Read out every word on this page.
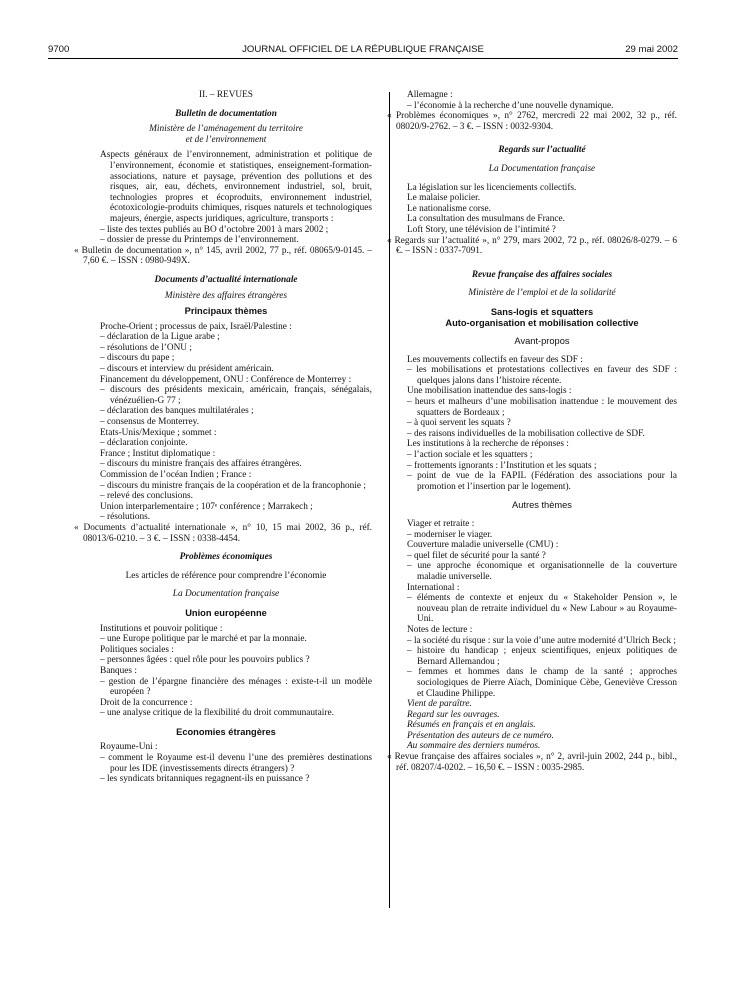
9700	JOURNAL OFFICIEL DE LA RÉPUBLIQUE FRANÇAISE	29 mai 2002

II. – REVUES

Bulletin de documentation

Ministère de l’aménagement du territoire

et de l’environnement

Aspects généraux de l’environnement, administration et politique de l’environnement, économie et statistiques, enseignement-formation-associations, nature et paysage, prévention des pollutions et des risques, air, eau, déchets, environnement industriel, sol, bruit, technologies propres et écoproduits, environnement industriel, écotoxicologie-produits chimiques, risques naturels et technologiques majeurs, énergie, aspects juridiques, agriculture, transports :

– liste des textes publiés au BO d’octobre 2001 à mars 2002 ;

– dossier de presse du Printemps de l’environnement.

« Bulletin de documentation », n° 145, avril 2002, 77 p., réf. 08065/9-0145. – 7,60 €. – ISSN : 0980-949X.

Documents d’actualité internationale

Ministère des affaires étrangères

Principaux thèmes

Proche-Orient ; processus de paix, Israël/Palestine :

– déclaration de la Ligue arabe ;

– résolutions de l’ONU ;

– discours du pape ;

– discours et interview du président américain.

Financement du développement, ONU : Conférence de Monterrey :

– discours des présidents mexicain, américain, français, sénégalais, vénézuélien-G 77 ;

– déclaration des banques multilatérales ;

– consensus de Monterrey.

Etats-Unis/Mexique ; sommet :

– déclaration conjointe.

France ; Institut diplomatique :

– discours du ministre français des affaires étrangères.

Commission de l’océan Indien ; France :

– discours du ministre français de la coopération et de la francophonie ;

– relevé des conclusions.

Union interparlementaire ; 107ᵉ conférence ; Marrakech ;

– résolutions.

« Documents d’actualité internationale », n° 10, 15 mai 2002, 36 p., réf. 08013/6-0210. – 3 €. – ISSN : 0338-4454.

Problèmes économiques

Les articles de référence pour comprendre l’économie

La Documentation française

Union européenne

Institutions et pouvoir politique :

– une Europe politique par le marché et par la monnaie.

Politiques sociales :

– personnes âgées : quel rôle pour les pouvoirs publics ?

Banques :

– gestion de l’épargne financière des ménages : existe-t-il un modèle européen ?

Droit de la concurrence :

– une analyse critique de la flexibilité du droit communautaire.

Economies étrangères

Royaume-Uni :

– comment le Royaume est-il devenu l’une des premières destinations pour les IDE (investissements directs étrangers) ?

– les syndicats britanniques regagnent-ils en puissance ?

Allemagne :

– l’économie à la recherche d’une nouvelle dynamique.

« Problèmes économiques », n° 2762, mercredi 22 mai 2002, 32 p., réf. 08020/9-2762. – 3 €. – ISSN : 0032-9304.

Regards sur l’actualité

La Documentation française

La législation sur les licenciements collectifs.

Le malaise policier.

Le nationalisme corse.

La consultation des musulmans de France.

Loft Story, une télévision de l’intimité ?

« Regards sur l’actualité », n° 279, mars 2002, 72 p., réf. 08026/8-0279. – 6 €. – ISSN : 0337-7091.

Revue française des affaires sociales

Ministère de l’emploi et de la solidarité

Sans-logis et squatters

Auto-organisation et mobilisation collective

Avant-propos

Les mouvements collectifs en faveur des SDF :

– les mobilisations et protestations collectives en faveur des SDF : quelques jalons dans l’histoire récente.

Une mobilisation inattendue des sans-logis :

– heurs et malheurs d’une mobilisation inattendue : le mouvement des squatters de Bordeaux ;

– à quoi servent les squats ?

– des raisons individuelles de la mobilisation collective de SDF.

Les institutions à la recherche de réponses :

– l’action sociale et les squatters ;

– frottements ignorants : l’Institution et les squats ;

– point de vue de la FAPIL (Fédération des associations pour la promotion et l’insertion par le logement).

Autres thèmes

Viager et retraite :

– moderniser le viager.

Couverture maladie universelle (CMU) :

– quel filet de sécurité pour la santé ?

– une approche économique et organisationnelle de la couverture maladie universelle.

International :

– éléments de contexte et enjeux du « Stakeholder Pension », le nouveau plan de retraite individuel du « New Labour » au Royaume-Uni.

Notes de lecture :

– la société du risque : sur la voie d’une autre modernité d’Ulrich Beck ;

– histoire du handicap ; enjeux scientifiques, enjeux politiques de Bernard Allemandou ;

– femmes et hommes dans le champ de la santé ; approches sociologiques de Pierre Aïach, Dominique Cèbe, Geneviève Cresson et Claudine Philippe.

Vient de paraître.

Regard sur les ouvrages.

Résumés en français et en anglais.

Présentation des auteurs de ce numéro.

Au sommaire des derniers numéros.

« Revue française des affaires sociales », n° 2, avril-juin 2002, 244 p., bibl., réf. 08207/4-0202. – 16,50 €. – ISSN : 0035-2985.
